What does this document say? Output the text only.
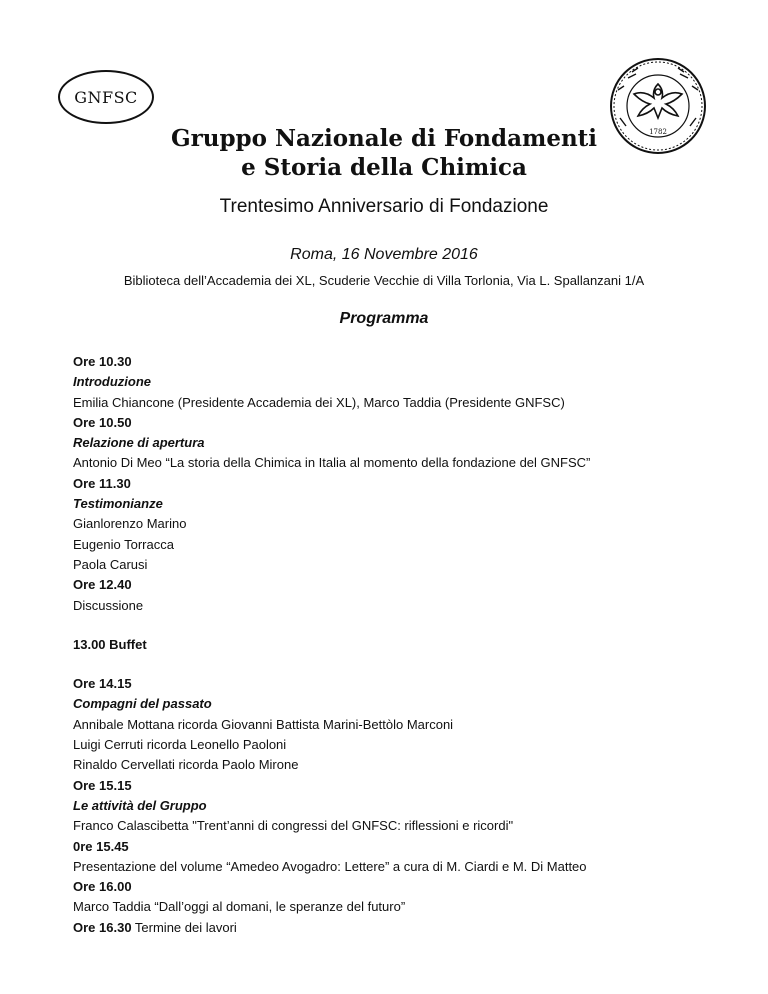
GNFSC
1782
Gruppo Nazionale di Fondamenti
e Storia della Chimica
Trentesimo Anniversario di Fondazione
Roma, 16 Novembre 2016
Biblioteca dell’Accademia dei XL, Scuderie Vecchie di Villa Torlonia, Via L. Spallanzani 1/A
Programma
Ore 10.30
Introduzione
Emilia Chiancone (Presidente Accademia dei XL), Marco Taddia (Presidente GNFSC)
Ore 10.50
Relazione di apertura
Antonio Di Meo “La storia della Chimica in Italia al momento della fondazione del GNFSC”
Ore 11.30
Testimonianze
Gianlorenzo Marino
Eugenio Torracca
Paola Carusi
Ore 12.40
Discussione
13.00 Buffet
Ore 14.15
Compagni del passato
Annibale Mottana ricorda Giovanni Battista Marini-Bettòlo Marconi
Luigi Cerruti ricorda Leonello Paoloni
Rinaldo Cervellati ricorda Paolo Mirone
Ore 15.15
Le attività del Gruppo
Franco Calascibetta "Trent’anni di congressi del GNFSC: riflessioni e ricordi"
0re 15.45
Presentazione del volume “Amedeo Avogadro: Lettere” a cura di M. Ciardi e M. Di Matteo
Ore 16.00
Marco Taddia “Dall’oggi al domani, le speranze del futuro”
Ore 16.30 Termine dei lavori
